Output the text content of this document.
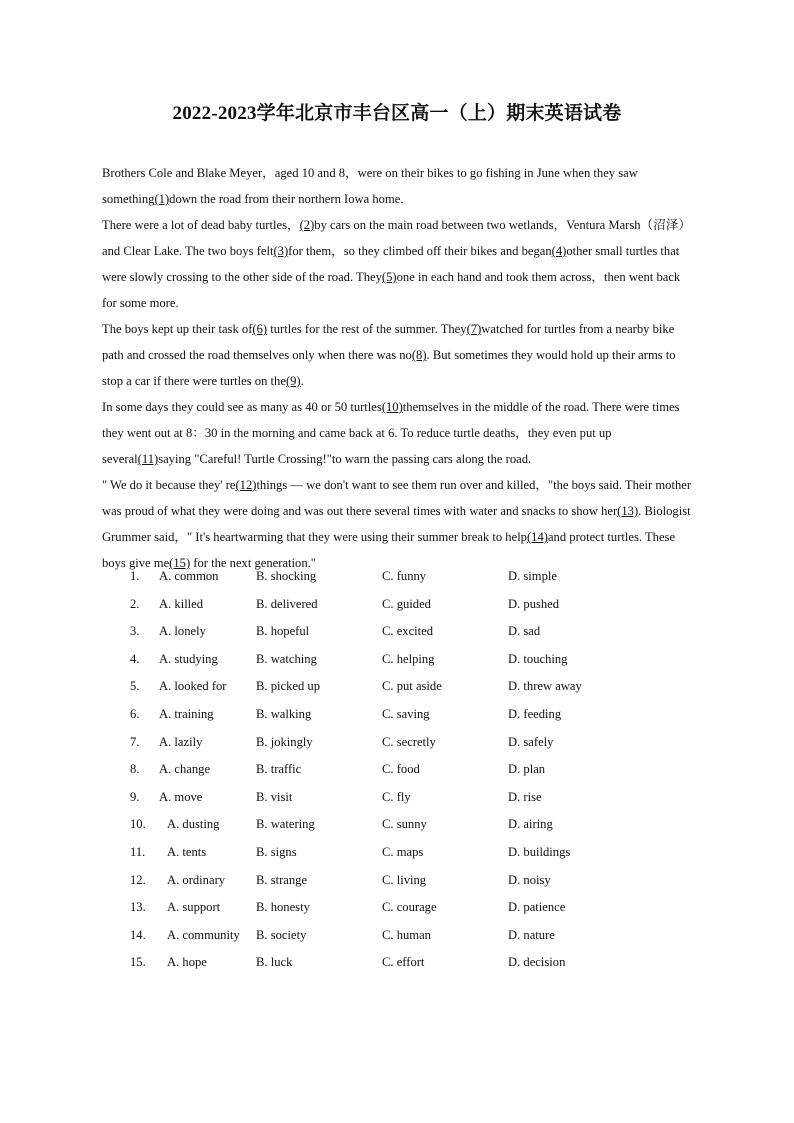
2022-2023学年北京市丰台区高一（上）期末英语试卷

Brothers Cole and Blake Meyer，aged 10 and 8，were on their bikes to go fishing in June when they saw something(1)down the road from their northern Iowa home.

There were a lot of dead baby turtles，(2)by cars on the main road between two wetlands，Ventura Marsh（沼泽） and Clear Lake. The two boys felt(3)for them，so they climbed off their bikes and began(4)other small turtles that were slowly crossing to the other side of the road. They(5)one in each hand and took them across，then went back for some more.

The boys kept up their task of(6) turtles for the rest of the summer. They(7)watched for turtles from a nearby bike path and crossed the road themselves only when there was no(8). But sometimes they would hold up their arms to stop a car if there were turtles on the(9).

In some days they could see as many as 40 or 50 turtles(10)themselves in the middle of the road. There were times they went out at 8：30 in the morning and came back at 6. To reduce turtle deaths，they even put up several(11)saying "Careful! Turtle Crossing!"to warn the passing cars along the road.

" We do it because they' re(12)things — we don't want to see them run over and killed，"the boys said. Their mother was proud of what they were doing and was out there several times with water and snacks to show her(13). Biologist Grummer said，" It's heartwarming that they were using their summer break to help(14)and protect turtles. These boys give me(15) for the next generation."

1. A. common	B. shocking	C. funny	D. simple
2. A. killed	B. delivered	C. guided	D. pushed
3. A. lonely	B. hopeful	C. excited	D. sad
4. A. studying	B. watching	C. helping	D. touching
5. A. looked for B. picked up	C. put aside	D. threw away
6. A. training	B. walking	C. saving	D. feeding
7. A. lazily	B. jokingly	C. secretly	D. safely
8. A. change	B. traffic	C. food	D. plan
9. A. move	B. visit	C. fly	D. rise
10. A. dusting	B. watering	C. sunny	D. airing
11. A. tents	B. signs	C. maps	D. buildings
12. A. ordinary B. strange	C. living	D. noisy
13. A. support	B. honesty	C. courage	D. patience
14. A. community B. society	C. human	D. nature
15. A. hope	B. luck	C. effort	D. decision
